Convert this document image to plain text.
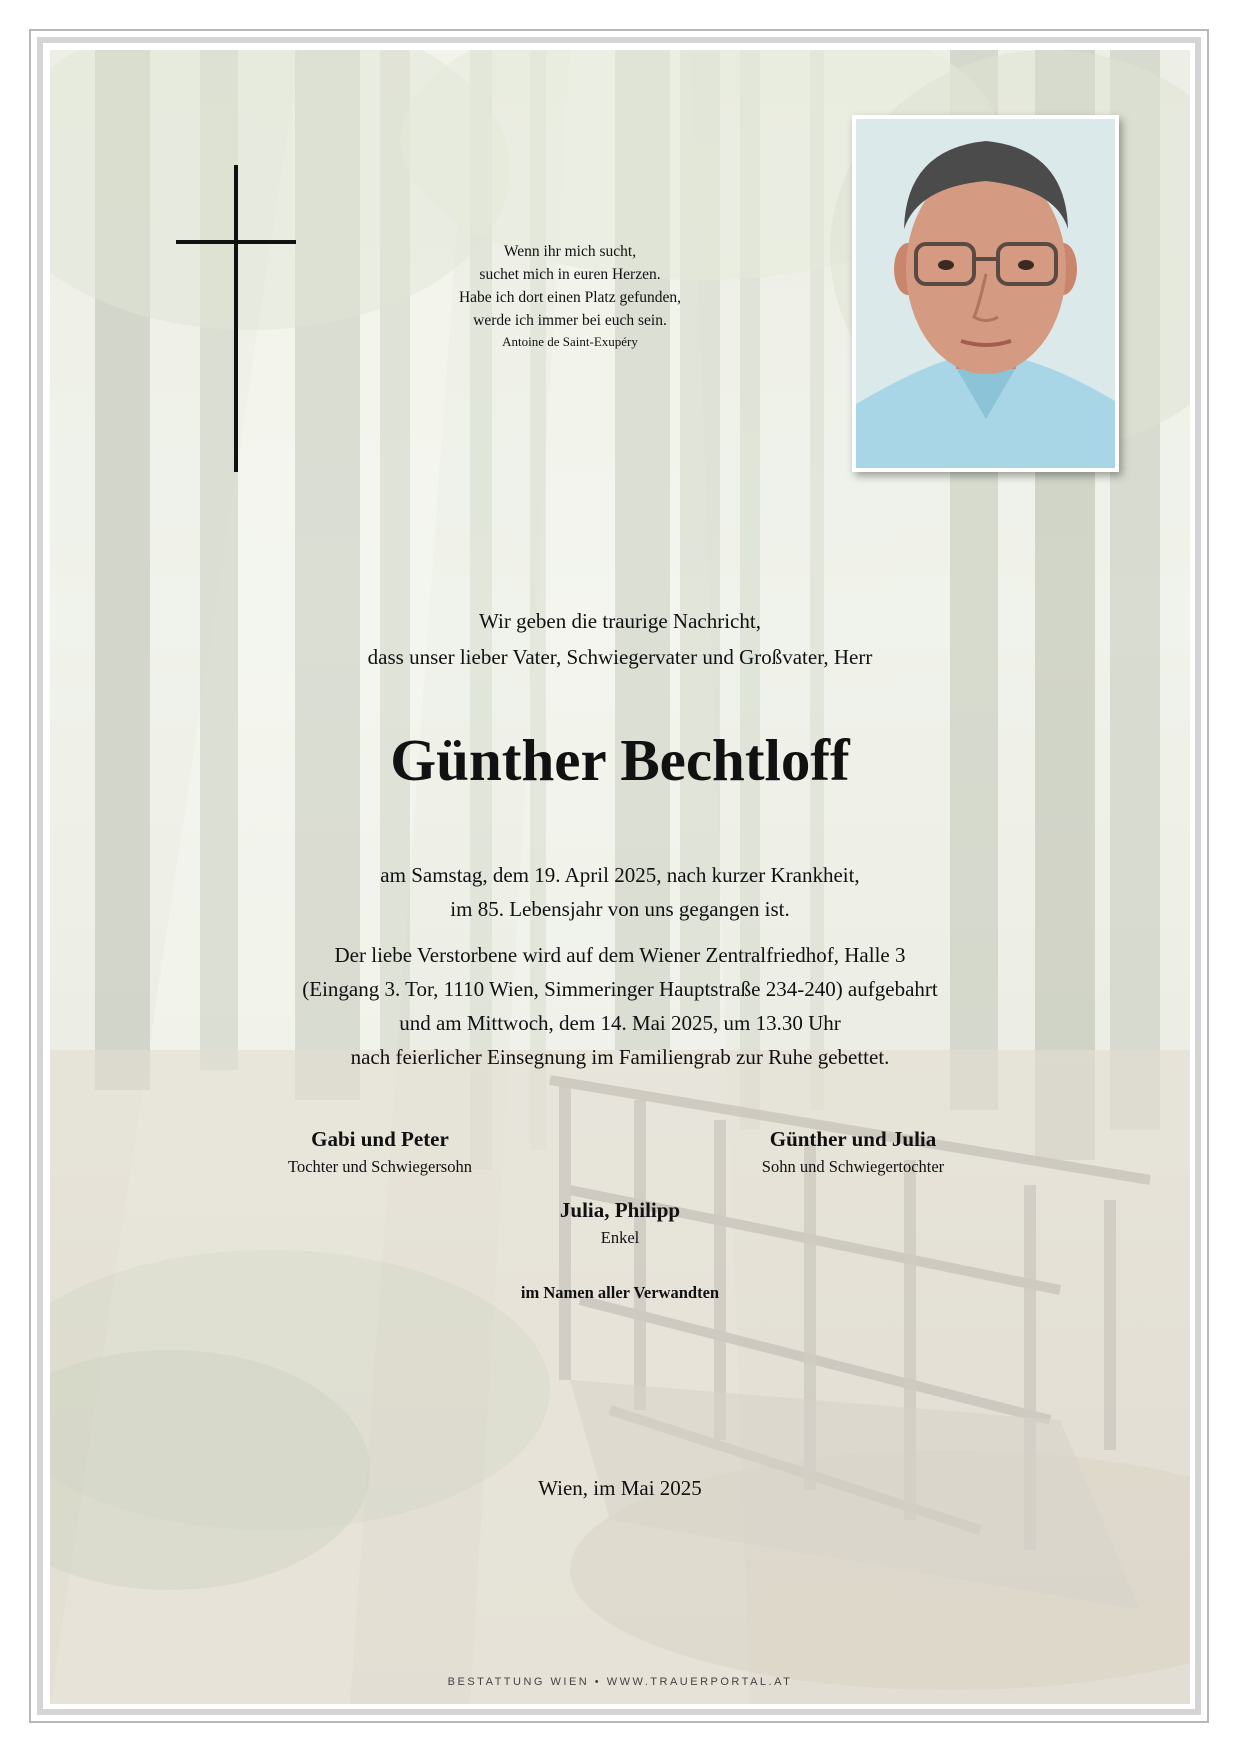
Wenn ihr mich sucht,
suchet mich in euren Herzen.
Habe ich dort einen Platz gefunden,
werde ich immer bei euch sein.
Antoine de Saint-Exupéry
Wir geben die traurige Nachricht,
dass unser lieber Vater, Schwiegervater und Großvater, Herr
Günther Bechtloff
am Samstag, dem 19. April 2025, nach kurzer Krankheit,
im 85. Lebensjahr von uns gegangen ist.
Der liebe Verstorbene wird auf dem Wiener Zentralfriedhof, Halle 3
(Eingang 3. Tor, 1110 Wien, Simmeringer Hauptstraße 234-240) aufgebahrt
und am Mittwoch, dem 14. Mai 2025, um 13.30 Uhr
nach feierlicher Einsegnung im Familiengrab zur Ruhe gebettet.
Gabi und Peter
Tochter und Schwiegersohn
Günther und Julia
Sohn und Schwiegertochter
Julia, Philipp
Enkel
im Namen aller Verwandten
Wien, im Mai 2025
BESTATTUNG WIEN • WWW.TRAUERPORTAL.AT
